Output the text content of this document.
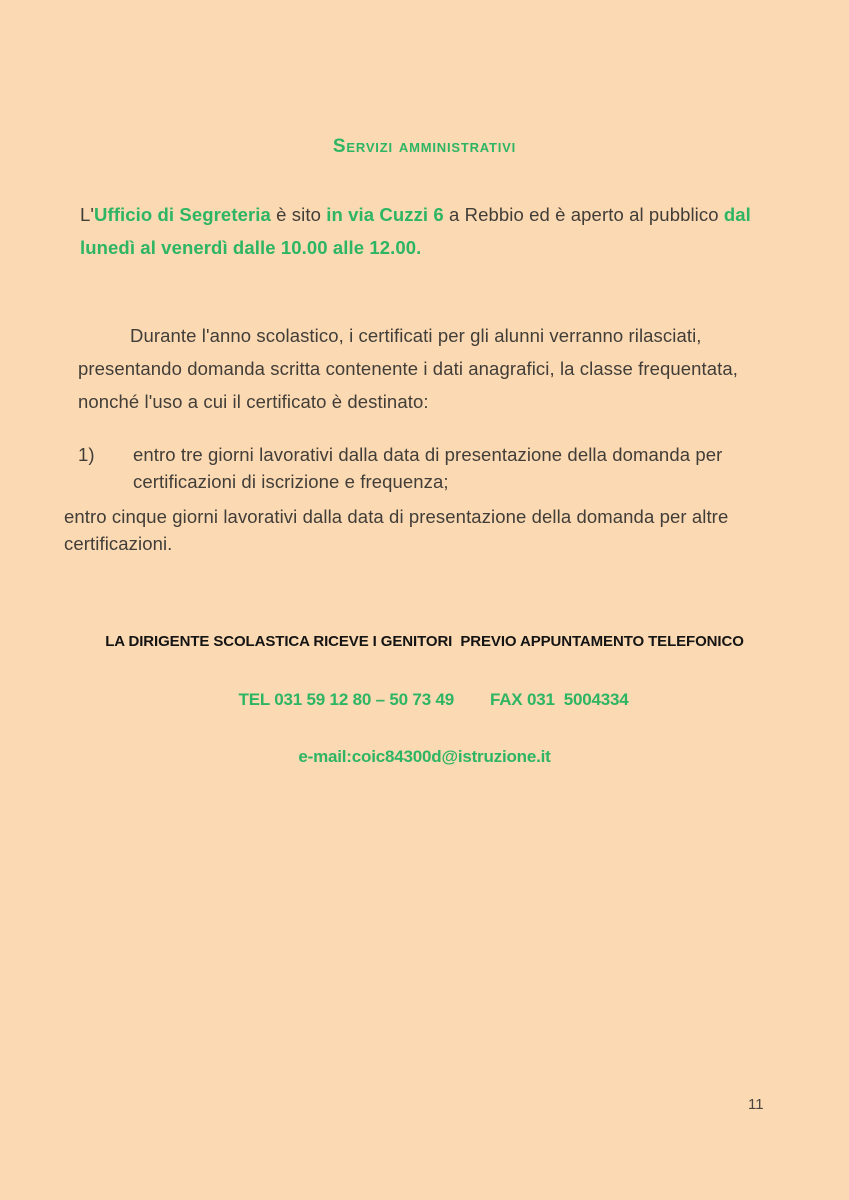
Servizi amministrativi
L'Ufficio di Segreteria è sito in via Cuzzi 6 a Rebbio ed è aperto al pubblico dal
lunedì al venerdì dalle 10.00 alle 12.00.
Durante l'anno scolastico, i certificati per gli alunni verranno rilasciati,
presentando domanda scritta contenente i dati anagrafici, la classe frequentata,
nonché l'uso a cui il certificato è destinato:
1)	entro tre giorni lavorativi dalla data di presentazione della domanda per
certificazioni di iscrizione e frequenza;
entro cinque giorni lavorativi dalla data di presentazione della domanda per altre
certificazioni.
LA DIRIGENTE SCOLASTICA RICEVE I GENITORI  PREVIO APPUNTAMENTO TELEFONICO

TEL 031 59 12 80 – 50 73 49 FAX 031  5004334

e-mail:coic84300d@istruzione.it
11
